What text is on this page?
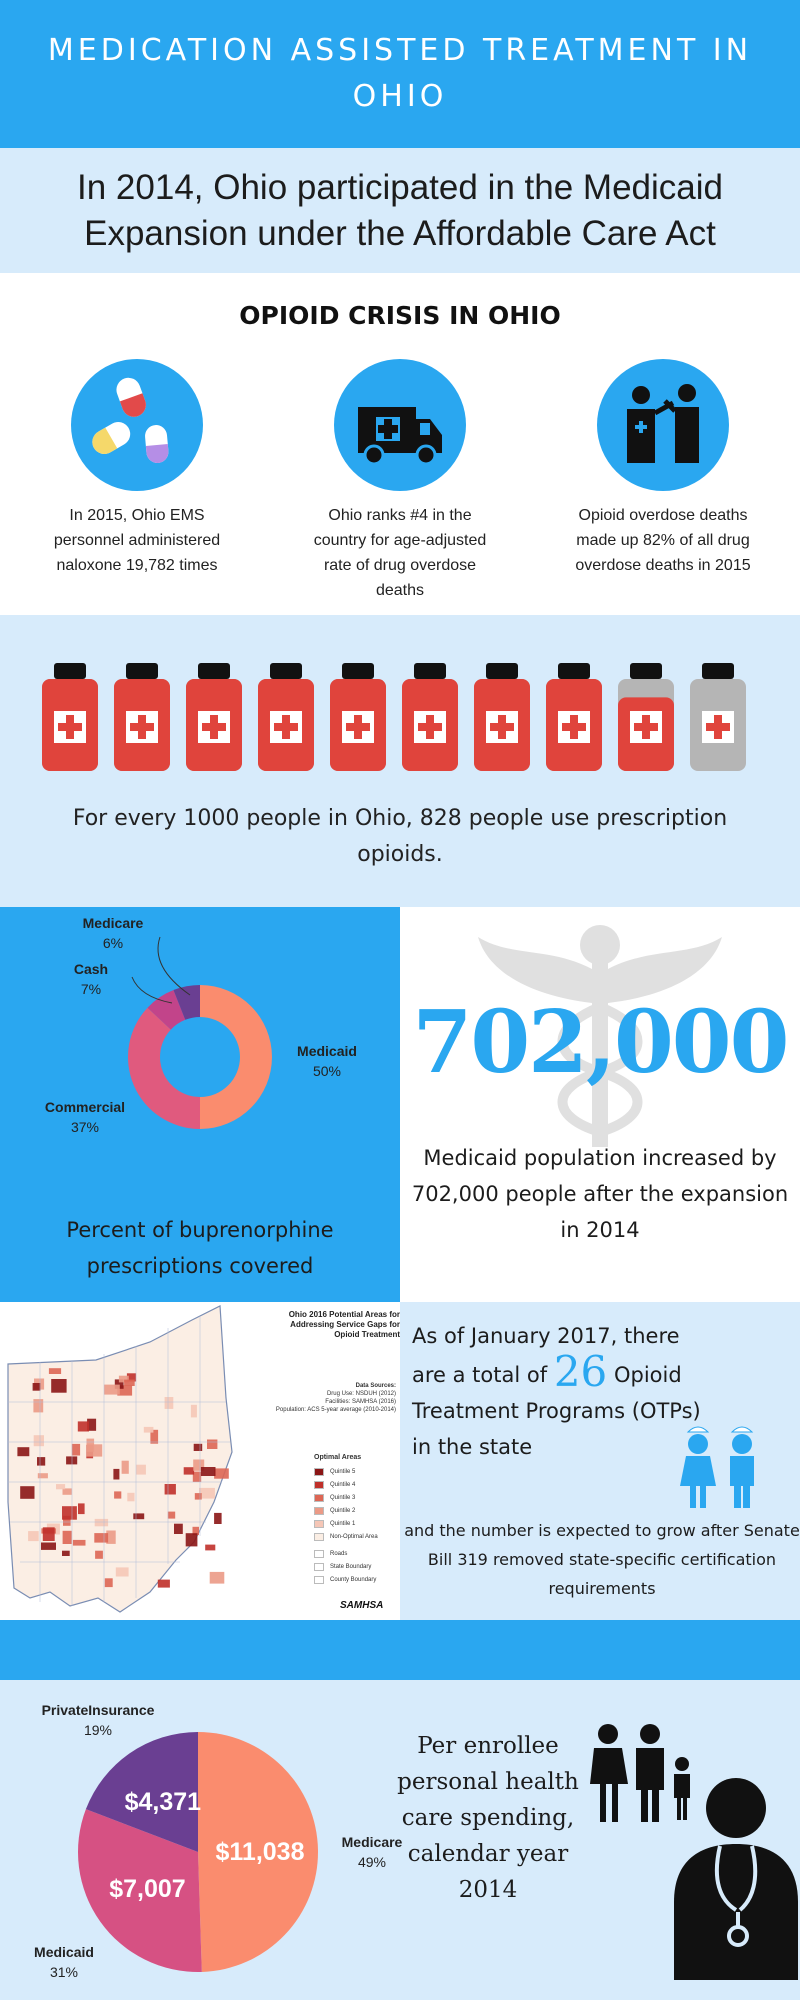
MEDICATION ASSISTED TREATMENT IN OHIO

In 2014, Ohio participated in the Medicaid Expansion under the Affordable Care Act

OPIOID CRISIS IN OHIO

In 2015, Ohio EMS personnel administered naloxone 19,782 times

Ohio ranks #4 in the country for age-adjusted rate of drug overdose deaths

Opioid overdose deaths made up 82% of all drug overdose deaths in 2015

For every 1000 people in Ohio, 828 people use prescription opioids.

Medicare
6%
Cash
7%
Medicaid
50%
Commercial
37%
Percent of buprenorphine prescriptions covered
702,000
Medicaid population increased by 702,000 people after the expansion in 2014
Ohio 2016 Potential Areas for Addressing Service Gaps for Opioid Treatment
Data Sources:
Drug Use: NSDUH (2012)
Facilities: SAMHSA (2016)
Population: ACS 5-year average (2010-2014)
Optimal Areas
Quintile 5
Quintile 4
Quintile 3
Quintile 2
Quintile 1
Non-Optimal Area
Roads
State Boundary
County Boundary
SAMHSA
As of January 2017, there are a total of 26 Opioid Treatment Programs (OTPs) in the state
and the number is expected to grow after Senate Bill 319 removed state-specific certification requirements
$11,038
$7,007
$4,371
PrivateInsurance
19%
Medicare
49%
Medicaid
31%
Per enrollee personal health care spending, calendar year 2014
